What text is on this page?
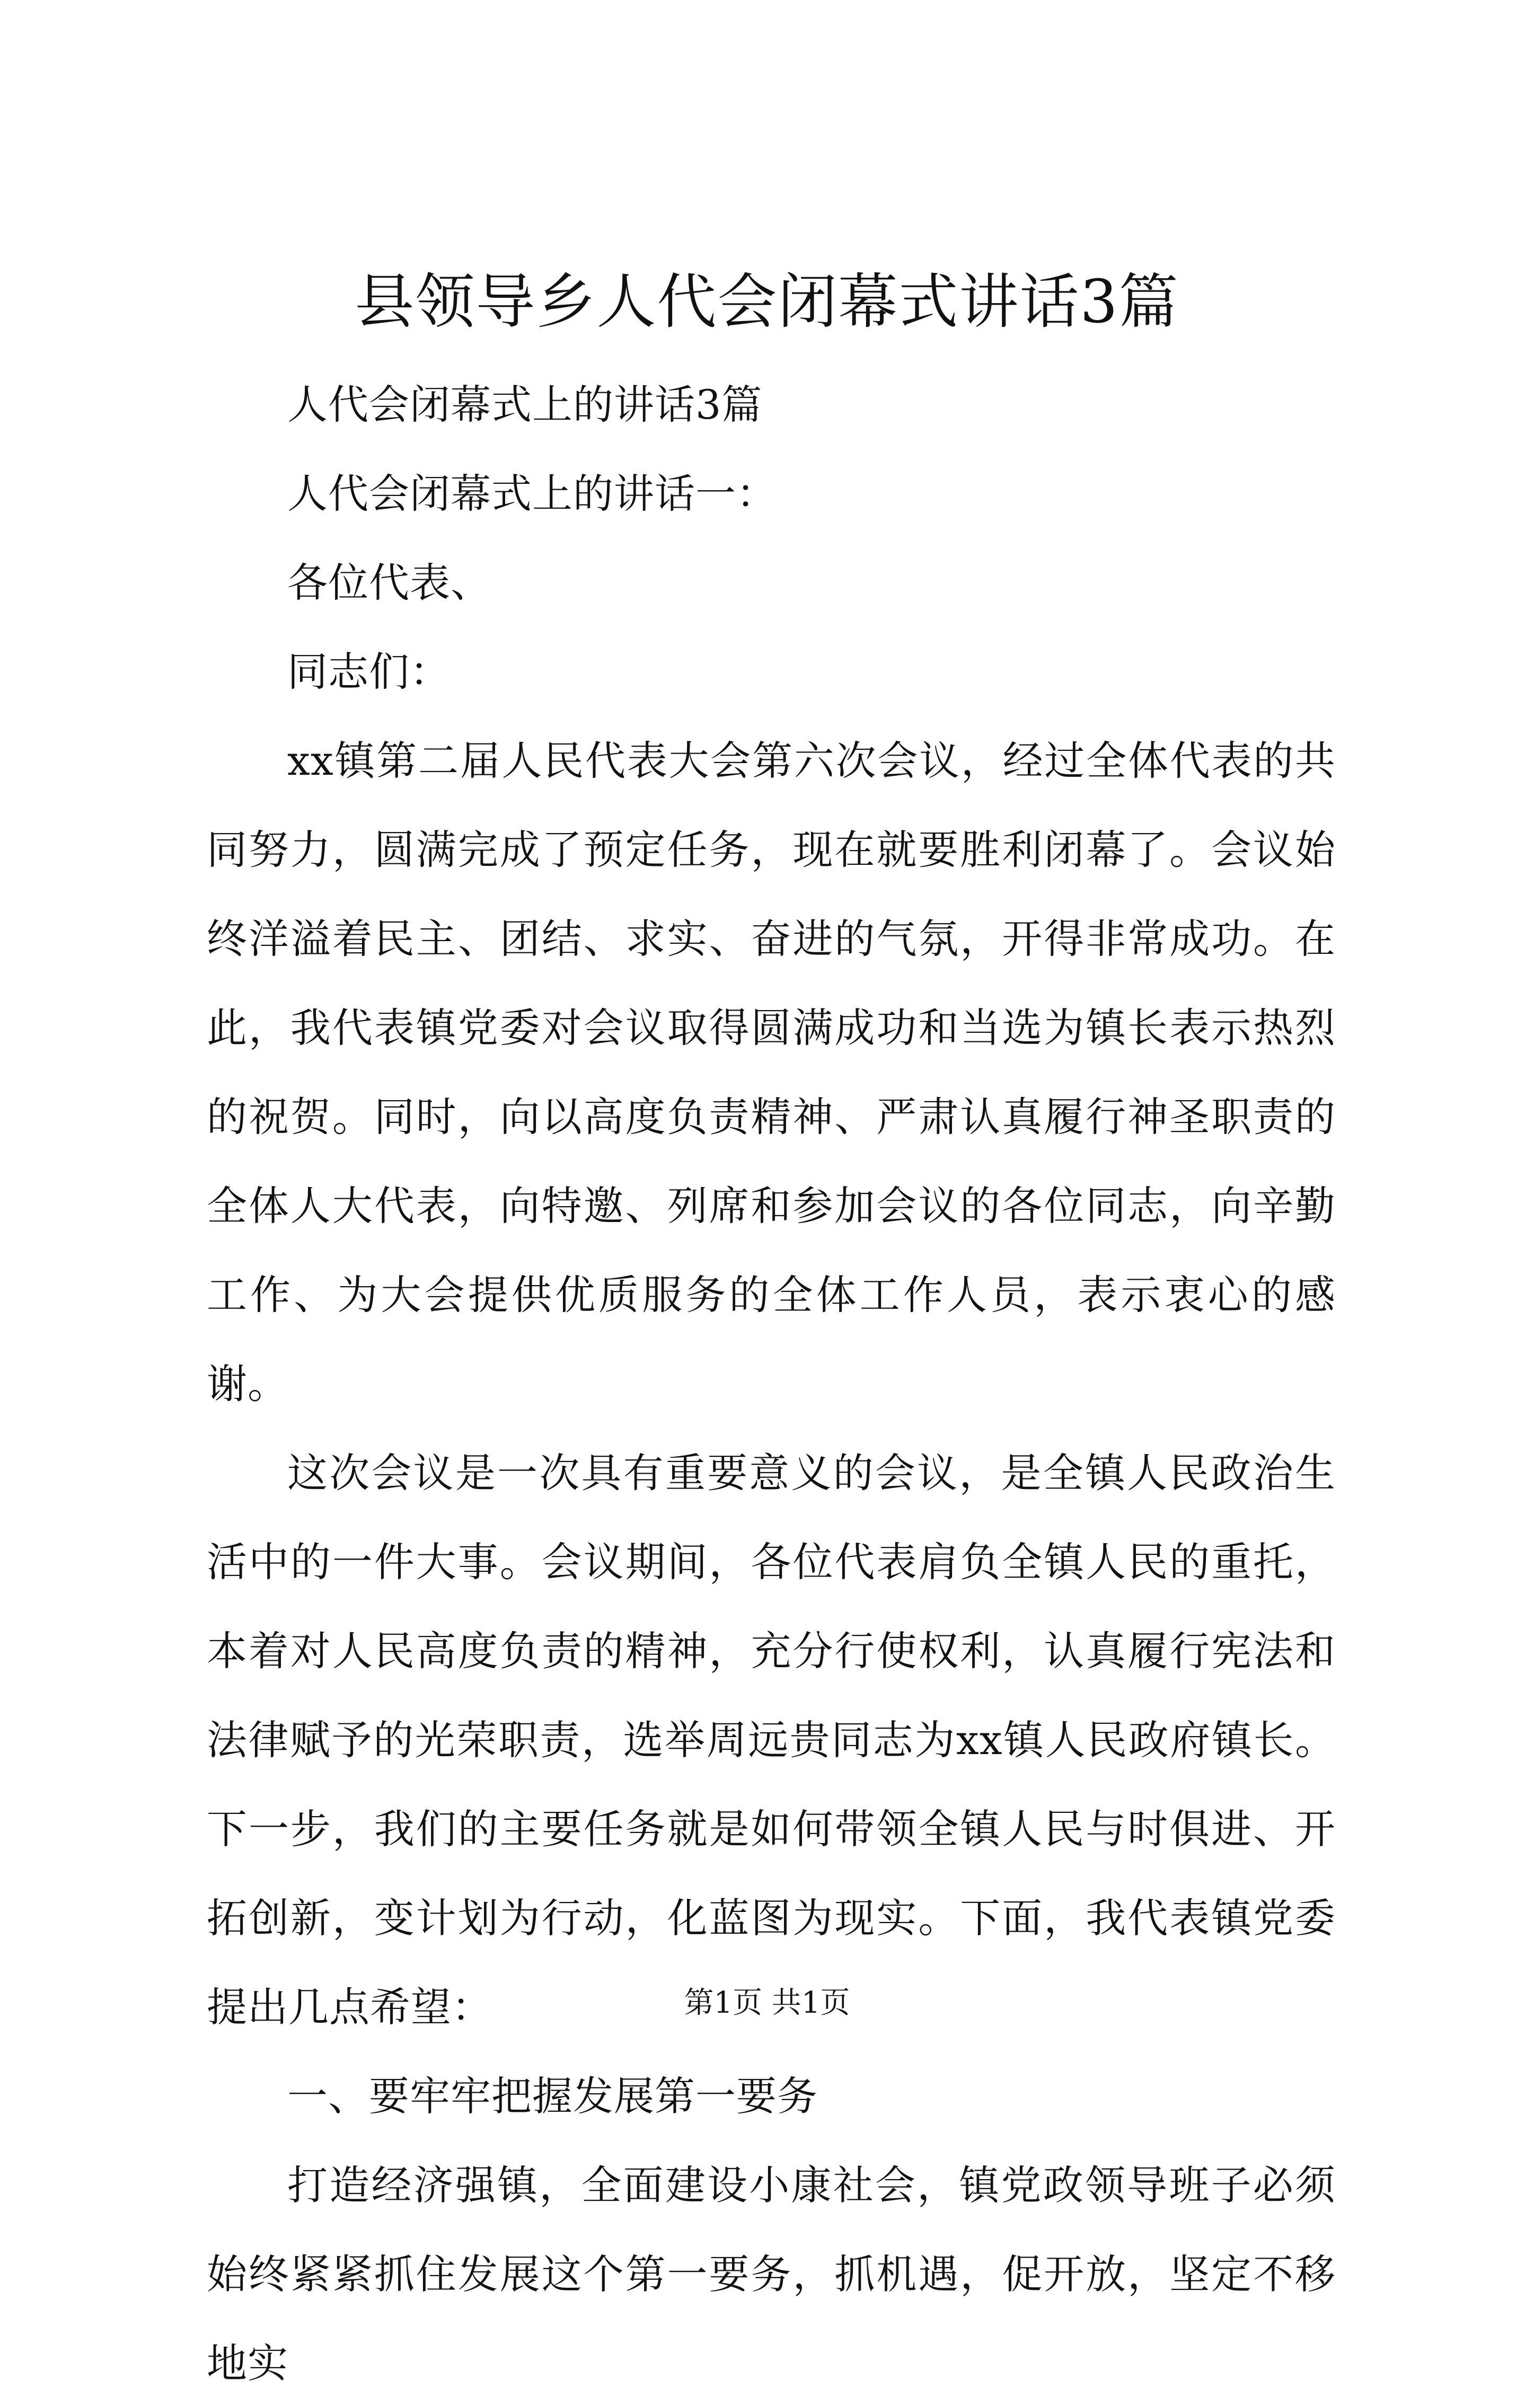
县领导乡人代会闭幕式讲话3篇

人代会闭幕式上的讲话3篇

人代会闭幕式上的讲话一：

各位代表、

同志们：

xx镇第二届人民代表大会第六次会议，经过全体代表的共同努力，圆满完成了预定任务，现在就要胜利闭幕了。会议始终洋溢着民主、团结、求实、奋进的气氛，开得非常成功。在此，我代表镇党委对会议取得圆满成功和当选为镇长表示热烈的祝贺。同时，向以高度负责精神、严肃认真履行神圣职责的全体人大代表，向特邀、列席和参加会议的各位同志，向辛勤工作、为大会提供优质服务的全体工作人员，表示衷心的感谢。

这次会议是一次具有重要意义的会议，是全镇人民政治生活中的一件大事。会议期间，各位代表肩负全镇人民的重托，本着对人民高度负责的精神，充分行使权利，认真履行宪法和法律赋予的光荣职责，选举周远贵同志为xx镇人民政府镇长。下一步，我们的主要任务就是如何带领全镇人民与时俱进、开拓创新，变计划为行动，化蓝图为现实。下面，我代表镇党委提出几点希望：

一、要牢牢把握发展第一要务

打造经济强镇，全面建设小康社会，镇党政领导班子必须始终紧紧抓住发展这个第一要务，抓机遇，促开放，坚定不移地实

第1页 共1页
